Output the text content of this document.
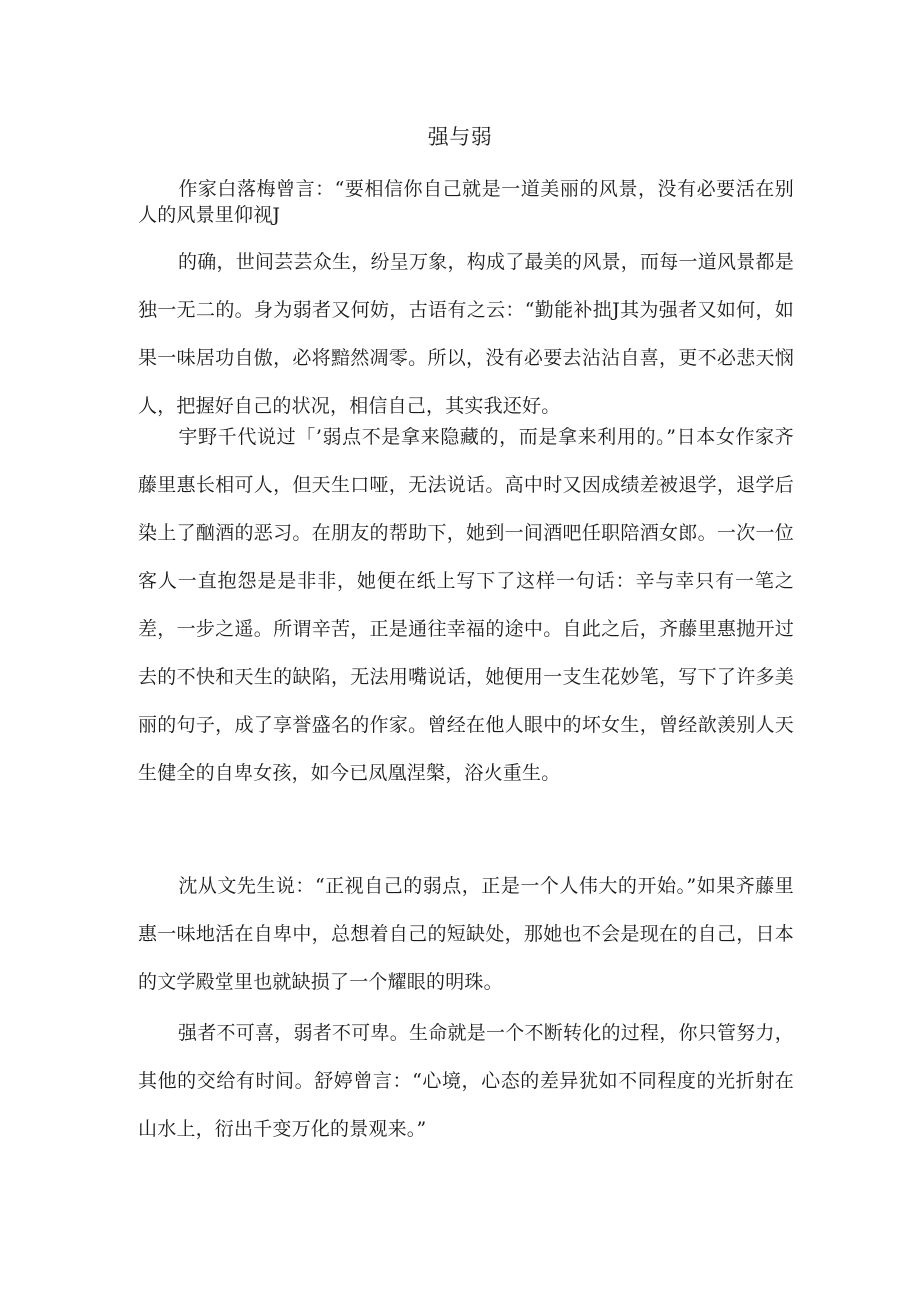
强与弱
作家白落梅曾言：“要相信你自己就是一道美丽的风景，没有必要活在别人的风景里仰视J
的确，世间芸芸众生，纷呈万象，构成了最美的风景，而每一道风景都是独一无二的。身为弱者又何妨，古语有之云：“勤能补拙J其为强者又如何，如果一味居功自傲，必将黯然凋零。所以，没有必要去沾沾自喜，更不必悲天悯人，把握好自己的状况，相信自己，其实我还好。
宇野千代说过「’弱点不是拿来隐藏的，而是拿来利用的。”日本女作家齐藤里惠长相可人，但天生口哑，无法说话。高中时又因成绩差被退学，退学后染上了酗酒的恶习。在朋友的帮助下，她到一间酒吧任职陪酒女郎。一次一位客人一直抱怨是是非非，她便在纸上写下了这样一句话：辛与幸只有一笔之差，一步之遥。所谓辛苦，正是通往幸福的途中。自此之后，齐藤里惠抛开过去的不快和天生的缺陷，无法用嘴说话，她便用一支生花妙笔，写下了许多美丽的句子，成了享誉盛名的作家。曾经在他人眼中的坏女生，曾经歆羡别人天生健全的自卑女孩，如今已凤凰涅槃，浴火重生。
沈从文先生说：“正视自己的弱点，正是一个人伟大的开始。”如果齐藤里惠一味地活在自卑中，总想着自己的短缺处，那她也不会是现在的自己，日本的文学殿堂里也就缺损了一个耀眼的明珠。
强者不可喜，弱者不可卑。生命就是一个不断转化的过程，你只管努力，其他的交给有时间。舒婷曾言：“心境，心态的差异犹如不同程度的光折射在山水上，衍出千变万化的景观来。”
